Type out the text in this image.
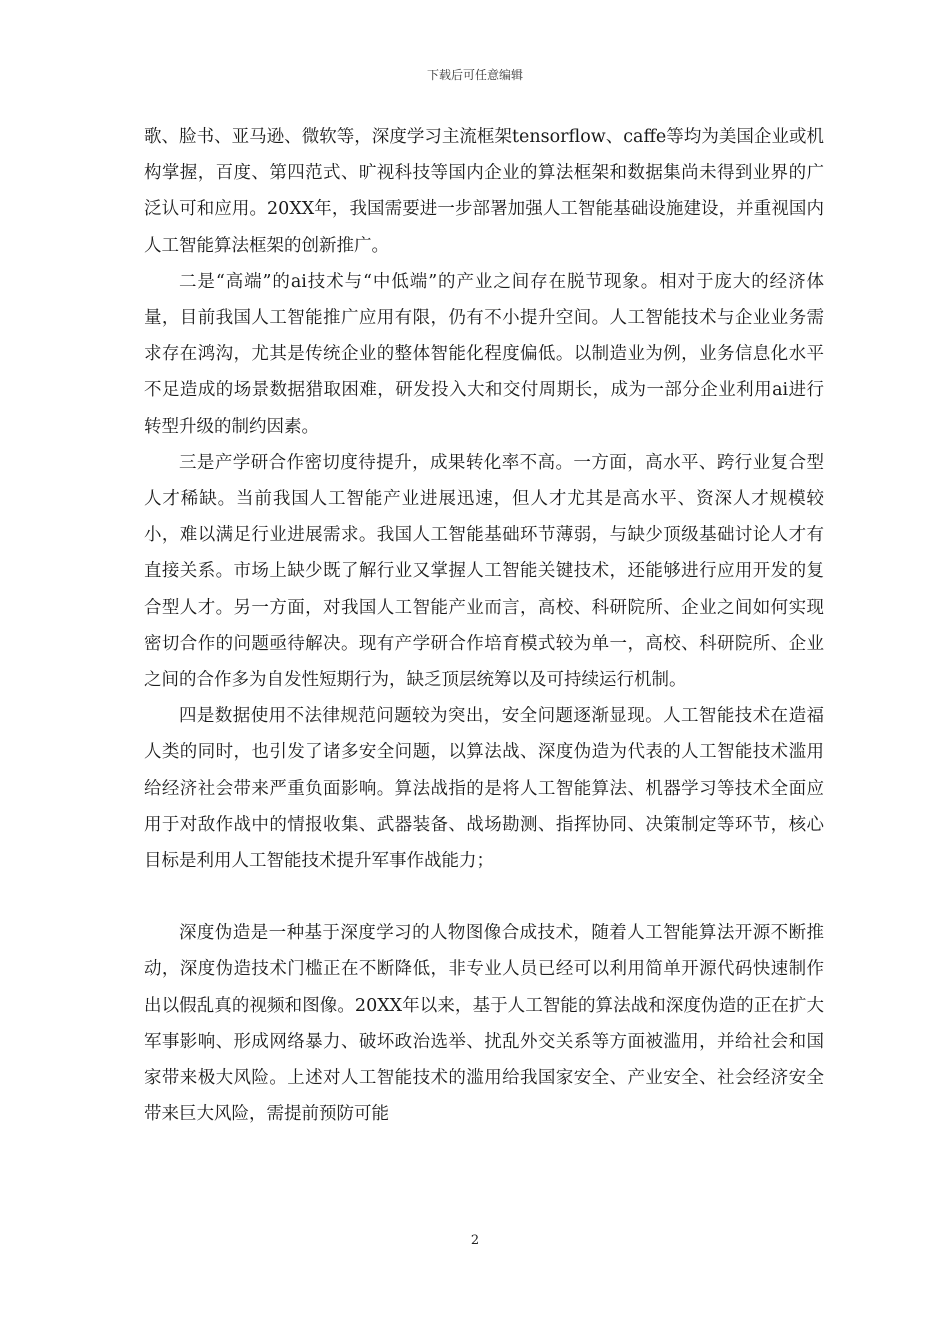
下载后可任意编辑

歌、脸书、亚马逊、微软等，深度学习主流框架tensorflow、caffe等均为美国企业或机构掌握，百度、第四范式、旷视科技等国内企业的算法框架和数据集尚未得到业界的广泛认可和应用。20XX年，我国需要进一步部署加强人工智能基础设施建设，并重视国内人工智能算法框架的创新推广。

二是“高端”的ai技术与“中低端”的产业之间存在脱节现象。相对于庞大的经济体量，目前我国人工智能推广应用有限，仍有不小提升空间。人工智能技术与企业业务需求存在鸿沟，尤其是传统企业的整体智能化程度偏低。以制造业为例，业务信息化水平不足造成的场景数据猎取困难，研发投入大和交付周期长，成为一部分企业利用ai进行转型升级的制约因素。

三是产学研合作密切度待提升，成果转化率不高。一方面，高水平、跨行业复合型人才稀缺。当前我国人工智能产业进展迅速，但人才尤其是高水平、资深人才规模较小，难以满足行业进展需求。我国人工智能基础环节薄弱，与缺少顶级基础讨论人才有直接关系。市场上缺少既了解行业又掌握人工智能关键技术，还能够进行应用开发的复合型人才。另一方面，对我国人工智能产业而言，高校、科研院所、企业之间如何实现密切合作的问题亟待解决。现有产学研合作培育模式较为单一，高校、科研院所、企业之间的合作多为自发性短期行为，缺乏顶层统筹以及可持续运行机制。

四是数据使用不法律规范问题较为突出，安全问题逐渐显现。人工智能技术在造福人类的同时，也引发了诸多安全问题，以算法战、深度伪造为代表的人工智能技术滥用给经济社会带来严重负面影响。算法战指的是将人工智能算法、机器学习等技术全面应用于对敌作战中的情报收集、武器装备、战场勘测、指挥协同、决策制定等环节，核心目标是利用人工智能技术提升军事作战能力；

深度伪造是一种基于深度学习的人物图像合成技术，随着人工智能算法开源不断推动，深度伪造技术门槛正在不断降低，非专业人员已经可以利用简单开源代码快速制作出以假乱真的视频和图像。20XX年以来，基于人工智能的算法战和深度伪造的正在扩大军事影响、形成网络暴力、破坏政治选举、扰乱外交关系等方面被滥用，并给社会和国家带来极大风险。上述对人工智能技术的滥用给我国家安全、产业安全、社会经济安全带来巨大风险，需提前预防可能

2
